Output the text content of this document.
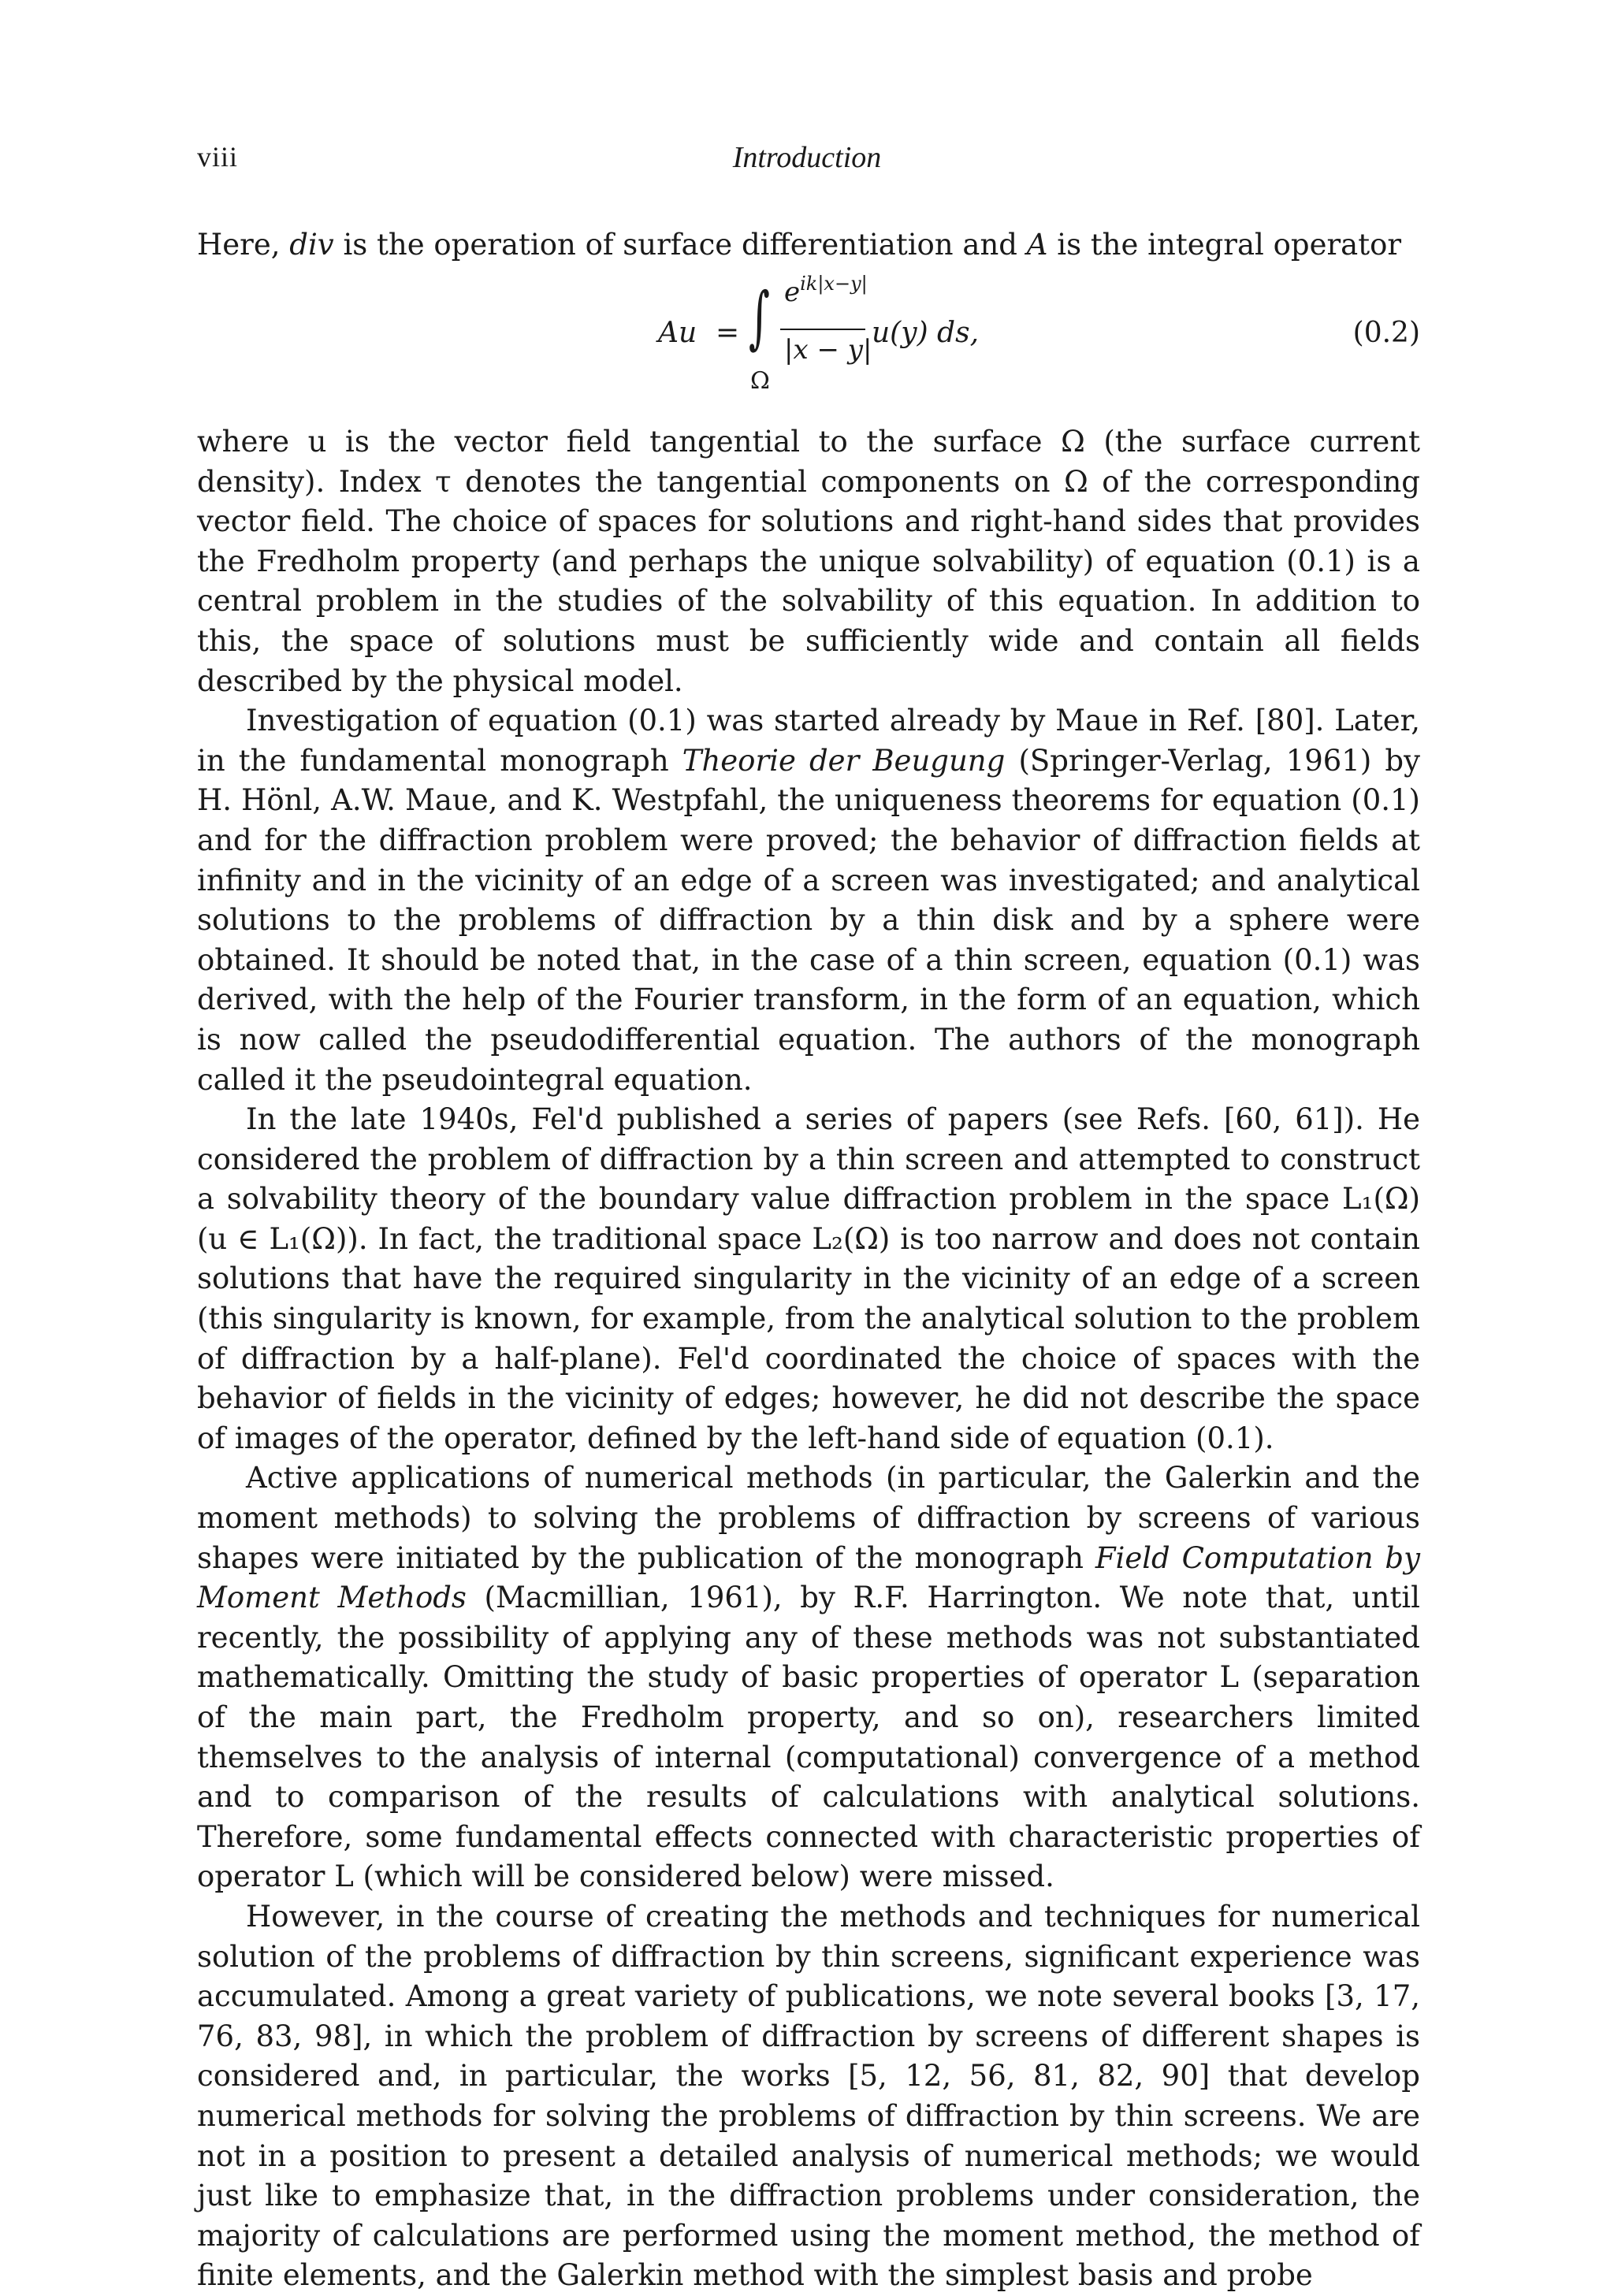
viii	Introduction
Here, div is the operation of surface differentiation and A is the integral operator
Au = ∫
Ω
$e^{ik|x-y|}$
|x − y|
u(y) ds,	(0.2)

where u is the vector field tangential to the surface Ω (the surface current density). Index τ denotes the tangential components on Ω of the corresponding vector field. The choice of spaces for solutions and right-hand sides that provides the Fredholm property (and perhaps the unique solvability) of equation (0.1) is a central problem in the studies of the solvability of this equation. In addition to this, the space of solutions must be sufficiently wide and contain all fields described by the physical model.

Investigation of equation (0.1) was started already by Maue in Ref. [80]. Later, in the fundamental monograph Theorie der Beugung (Springer-Verlag, 1961) by H. Hönl, A.W. Maue, and K. Westpfahl, the uniqueness theorems for equation (0.1) and for the diffraction problem were proved; the behavior of diffraction fields at infinity and in the vicinity of an edge of a screen was investigated; and analytical solutions to the problems of diffraction by a thin disk and by a sphere were obtained. It should be noted that, in the case of a thin screen, equation (0.1) was derived, with the help of the Fourier transform, in the form of an equation, which is now called the pseudodifferential equation. The authors of the monograph called it the pseudointegral equation.

In the late 1940s, Fel'd published a series of papers (see Refs. [60, 61]). He considered the problem of diffraction by a thin screen and attempted to construct a solvability theory of the boundary value diffraction problem in the space L₁(Ω) (u ∈ L₁(Ω)). In fact, the traditional space L₂(Ω) is too narrow and does not contain solutions that have the required singularity in the vicinity of an edge of a screen (this singularity is known, for example, from the analytical solution to the problem of diffraction by a half-plane). Fel'd coordinated the choice of spaces with the behavior of fields in the vicinity of edges; however, he did not describe the space of images of the operator, defined by the left-hand side of equation (0.1).

Active applications of numerical methods (in particular, the Galerkin and the moment methods) to solving the problems of diffraction by screens of various shapes were initiated by the publication of the monograph Field Computation by Moment Methods (Macmillian, 1961), by R.F. Harrington. We note that, until recently, the possibility of applying any of these methods was not substantiated mathematically. Omitting the study of basic properties of operator L (separation of the main part, the Fredholm property, and so on), researchers limited themselves to the analysis of internal (computational) convergence of a method and to comparison of the results of calculations with analytical solutions. Therefore, some fundamental effects connected with characteristic properties of operator L (which will be considered below) were missed.

However, in the course of creating the methods and techniques for numerical solution of the problems of diffraction by thin screens, significant experience was accumulated. Among a great variety of publications, we note several books [3, 17, 76, 83, 98], in which the problem of diffraction by screens of different shapes is considered and, in particular, the works [5, 12, 56, 81, 82, 90] that develop numerical methods for solving the problems of diffraction by thin screens. We are not in a position to present a detailed analysis of numerical methods; we would just like to emphasize that, in the diffraction problems under consideration, the majority of calculations are performed using the moment method, the method of finite elements, and the Galerkin method with the simplest basis and probe
